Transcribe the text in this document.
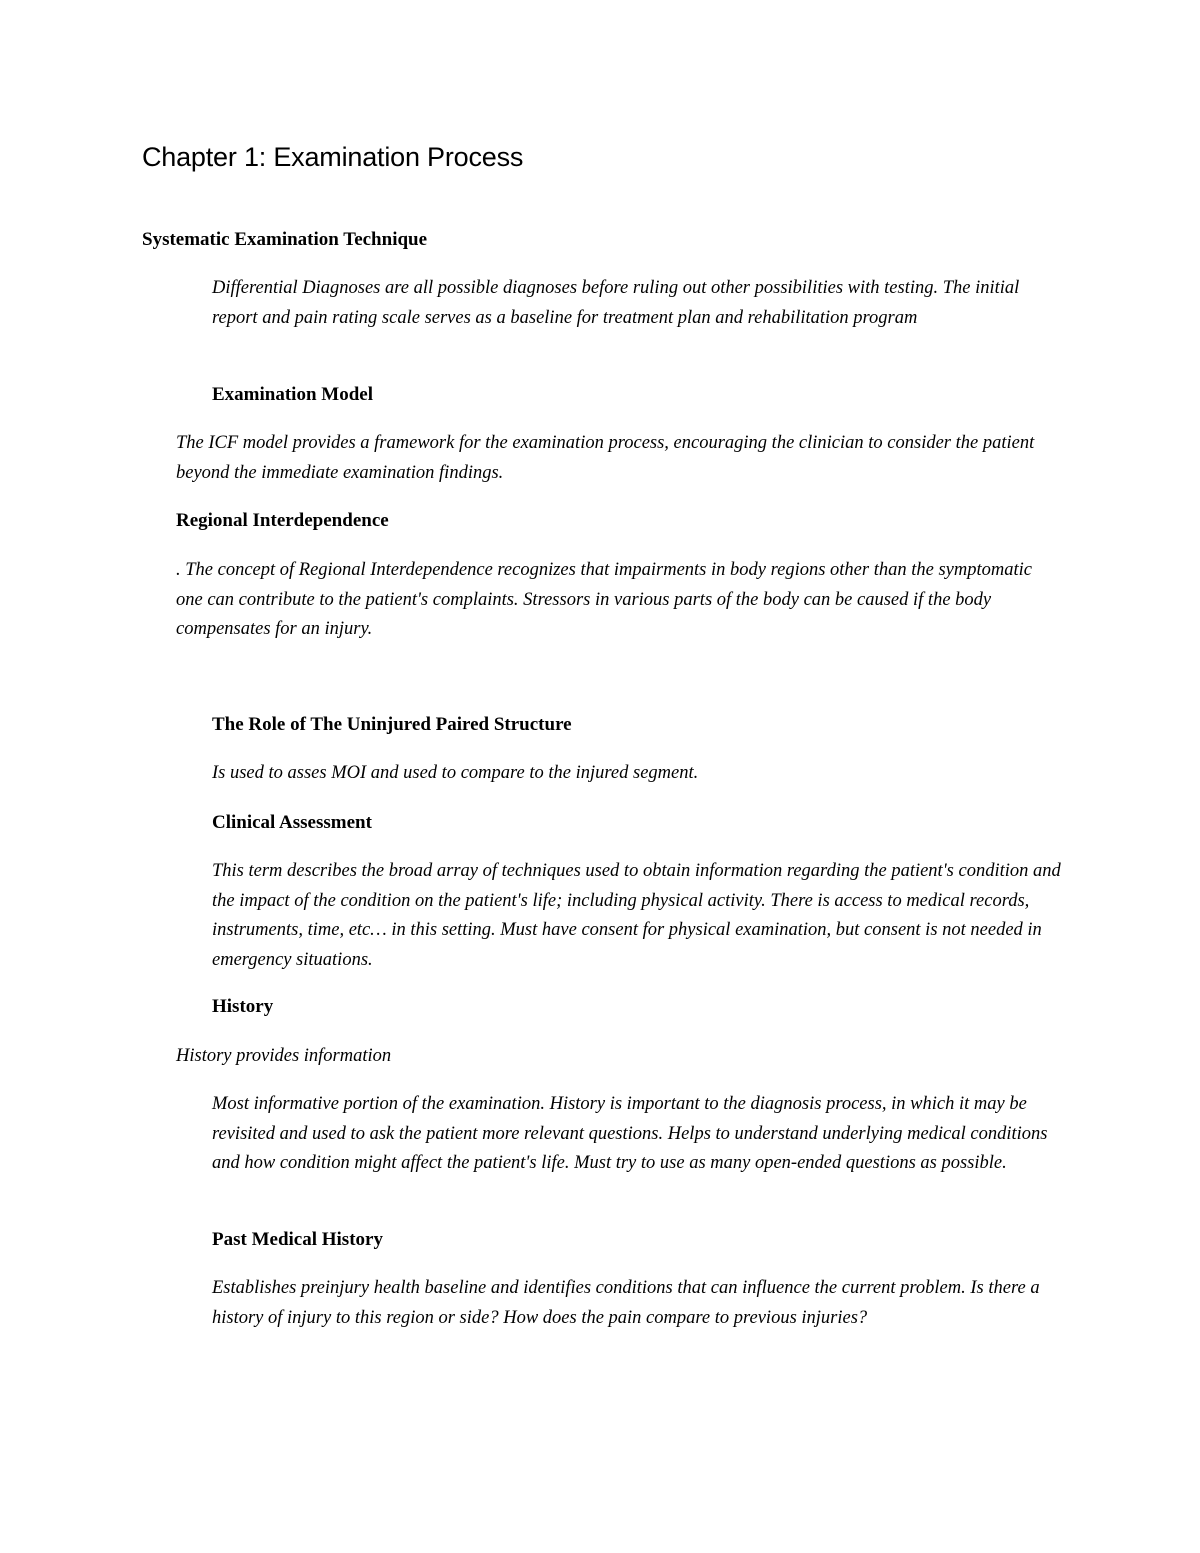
Chapter 1: Examination Process
Systematic Examination Technique

Differential Diagnoses are all possible diagnoses before ruling out other possibilities with testing. The initial report and pain rating scale serves as a baseline for treatment plan and rehabilitation program

Examination Model

The ICF model provides a framework for the examination process, encouraging the clinician to consider the patient beyond the immediate examination findings.

Regional Interdependence

. The concept of Regional Interdependence recognizes that impairments in body regions other than the symptomatic one can contribute to the patient's complaints. Stressors in various parts of the body can be caused if the body compensates for an injury.

The Role of The Uninjured Paired Structure

Is used to asses MOI and used to compare to the injured segment.

Clinical Assessment

This term describes the broad array of techniques used to obtain information regarding the patient's condition and the impact of the condition on the patient's life; including physical activity. There is access to medical records, instruments, time, etc… in this setting. Must have consent for physical examination, but consent is not needed in emergency situations.

History

History provides information

Most informative portion of the examination. History is important to the diagnosis process, in which it may be revisited and used to ask the patient more relevant questions. Helps to understand underlying medical conditions and how condition might affect the patient's life. Must try to use as many open-ended questions as possible.

Past Medical History

Establishes preinjury health baseline and identifies conditions that can influence the current problem. Is there a history of injury to this region or side? How does the pain compare to previous injuries?
